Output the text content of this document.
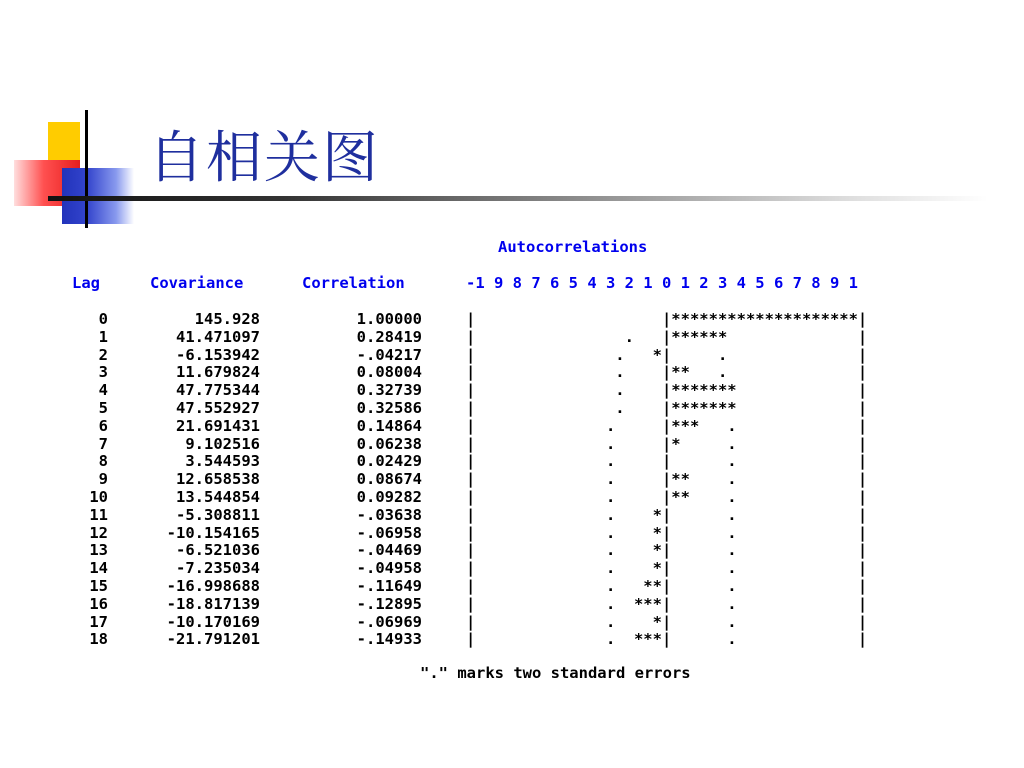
自相关图
Autocorrelations
Lag	Covariance	Correlation	-1 9 8 7 6 5 4 3 2 1 0 1 2 3 4 5 6 7 8 9 1
0	145.928	1.00000	|                    |********************|
1	41.471097	0.28419	|                .   |******              |
2	-6.153942	-.04217	|               .   *|     .              |
3	11.679824	0.08004	|               .    |**   .              |
4	47.775344	0.32739	|               .    |*******             |
5	47.552927	0.32586	|               .    |*******             |
6	21.691431	0.14864	|              .     |***   .             |
7	9.102516	0.06238	|              .     |*     .             |
8	3.544593	0.02429	|              .     |      .             |
9	12.658538	0.08674	|              .     |**    .             |
10	13.544854	0.09282	|              .     |**    .             |
11	-5.308811	-.03638	|              .    *|      .             |
12	-10.154165	-.06958	|              .    *|      .             |
13	-6.521036	-.04469	|              .    *|      .             |
14	-7.235034	-.04958	|              .    *|      .             |
15	-16.998688	-.11649	|              .   **|      .             |
16	-18.817139	-.12895	|              .  ***|      .             |
17	-10.170169	-.06969	|              .    *|      .             |
18	-21.791201	-.14933	|              .  ***|      .             |
"." marks two standard errors
